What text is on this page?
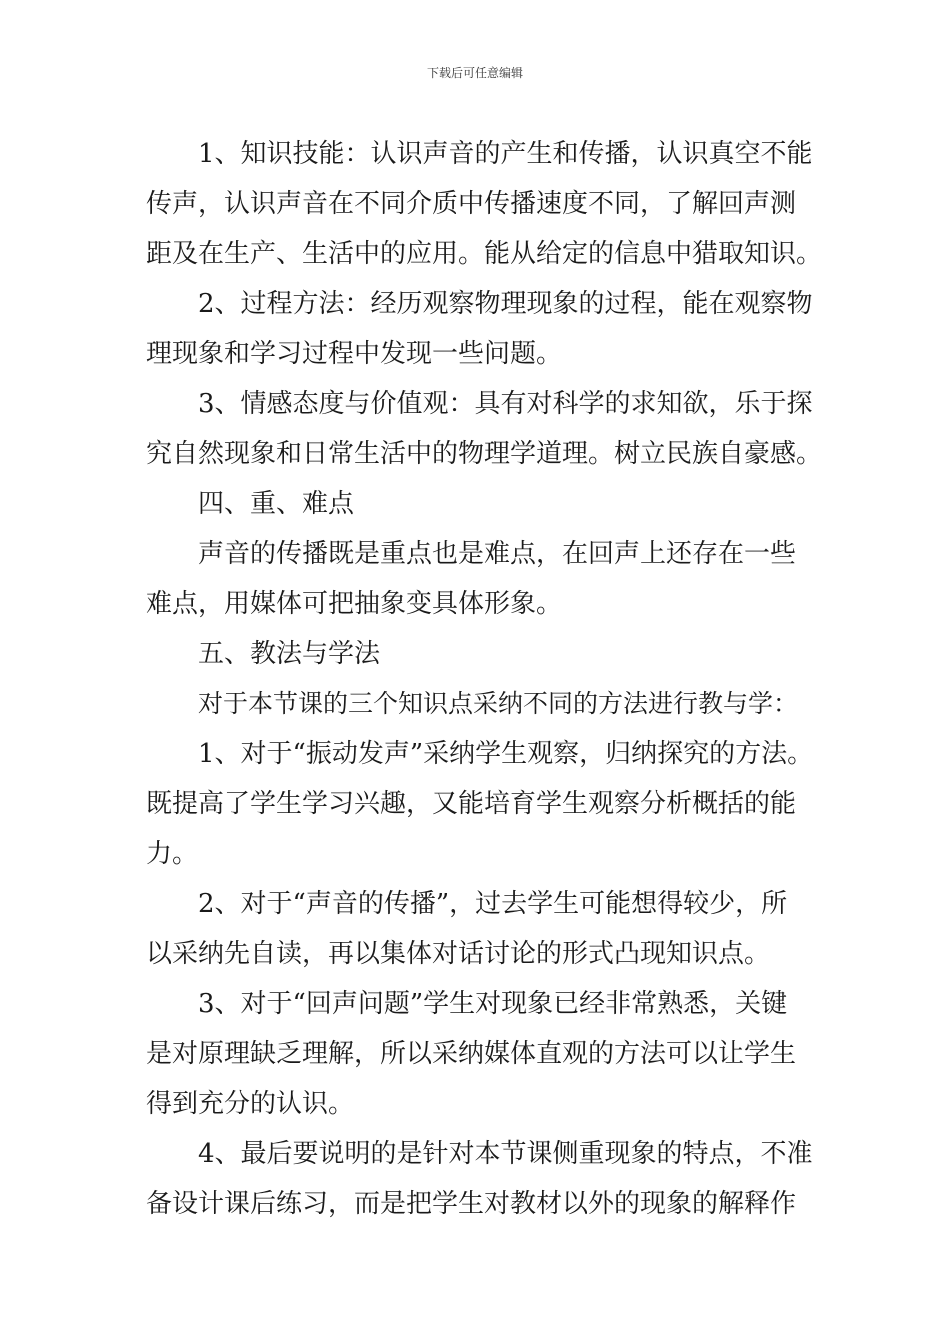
下载后可任意编辑
1、知识技能：认识声音的产生和传播，认识真空不能
传声，认识声音在不同介质中传播速度不同，了解回声测
距及在生产、生活中的应用。能从给定的信息中猎取知识。
2、过程方法：经历观察物理现象的过程，能在观察物
理现象和学习过程中发现一些问题。
3、情感态度与价值观：具有对科学的求知欲，乐于探
究自然现象和日常生活中的物理学道理。树立民族自豪感。
四、重、难点
声音的传播既是重点也是难点，在回声上还存在一些
难点，用媒体可把抽象变具体形象。
五、教法与学法
对于本节课的三个知识点采纳不同的方法进行教与学：
1、对于“振动发声”采纳学生观察，归纳探究的方法。
既提高了学生学习兴趣，又能培育学生观察分析概括的能
力。
2、对于“声音的传播”，过去学生可能想得较少，所
以采纳先自读，再以集体对话讨论的形式凸现知识点。
3、对于“回声问题”学生对现象已经非常熟悉，关键
是对原理缺乏理解，所以采纳媒体直观的方法可以让学生
得到充分的认识。
4、最后要说明的是针对本节课侧重现象的特点，不准
备设计课后练习，而是把学生对教材以外的现象的解释作
